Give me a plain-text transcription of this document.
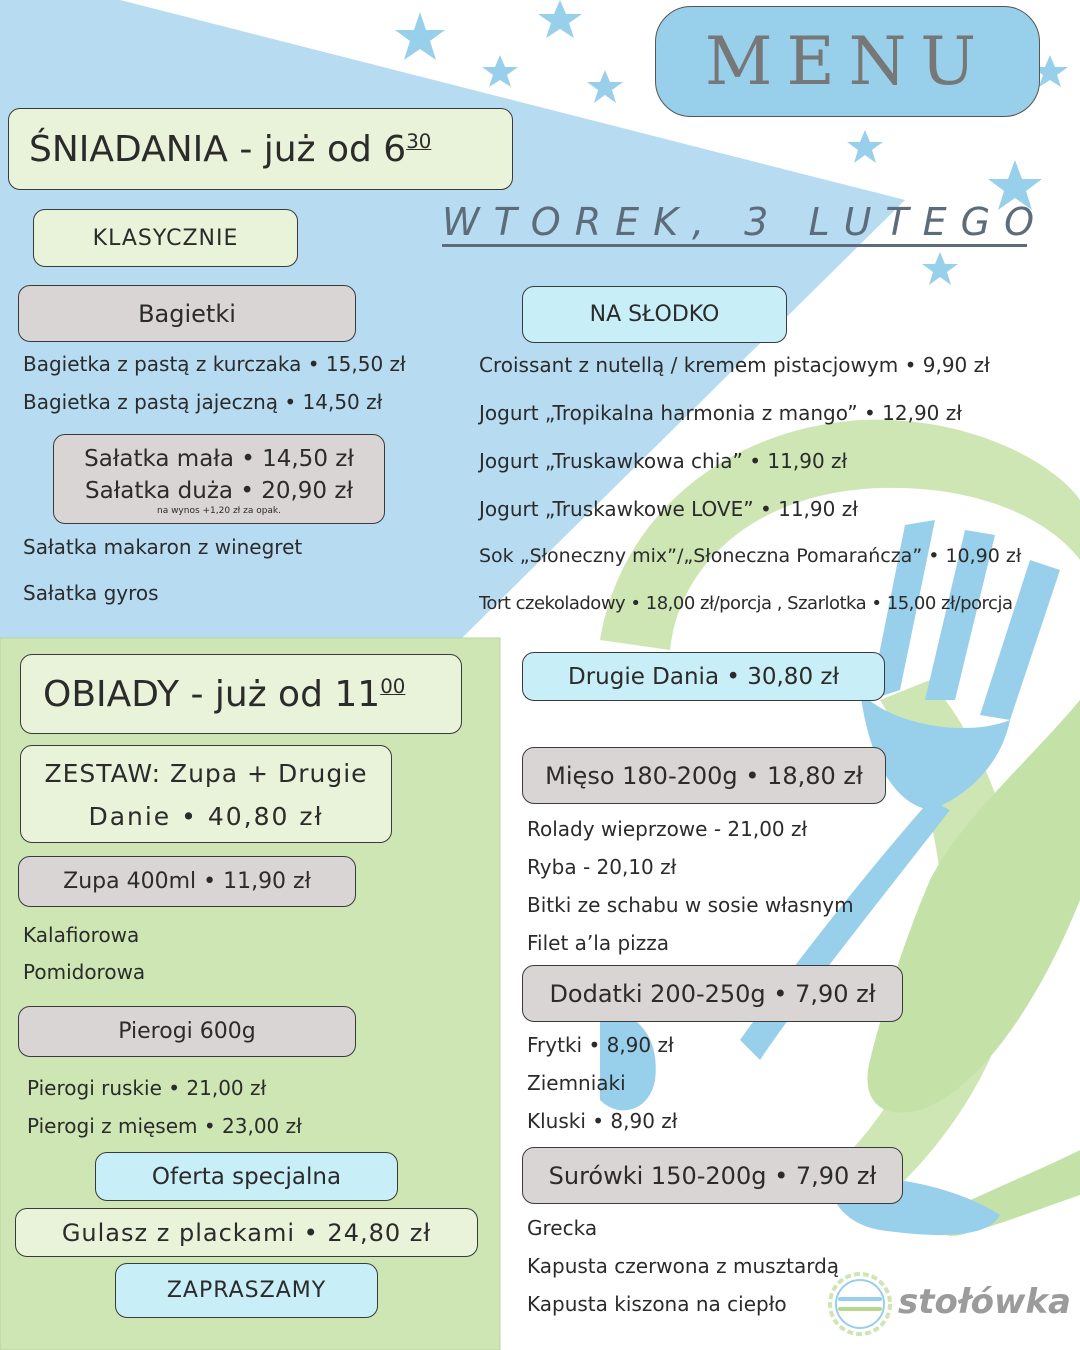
MENU
WTOREK, 3 LUTEGO
ŚNIADANIA - już od $6^{30}$
KLASYCZNIE
Bagietki
Bagietka z pastą z kurczaka • 15,50 zł
Bagietka z pastą jajeczną • 14,50 zł
Sałatka mała • 14,50 zł
Sałatka duża • 20,90 zł
na wynos +1,20 zł za opak.
Sałatka makaron z winegret
Sałatka gyros
NA SŁODKO
Croissant z nutellą / kremem pistacjowym • 9,90 zł
Jogurt „Tropikalna harmonia z mango” • 12,90 zł
Jogurt „Truskawkowa chia” • 11,90 zł
Jogurt „Truskawkowe LOVE” • 11,90 zł
Sok „Słoneczny mix”/„Słoneczna Pomarańcza” • 10,90 zł
Tort czekoladowy • 18,00 zł/porcja , Szarlotka • 15,00 zł/porcja
OBIADY - już od $11^{00}$
ZESTAW: Zupa + Drugie
Danie • 40,80 zł
Zupa 400ml • 11,90 zł
Kalafiorowa
Pomidorowa
Pierogi 600g
Pierogi ruskie • 21,00 zł
Pierogi z mięsem • 23,00 zł
Oferta specjalna
Gulasz z plackami • 24,80 zł
ZAPRASZAMY
Drugie Dania • 30,80 zł
Mięso 180-200g • 18,80 zł
Rolady wieprzowe - 21,00 zł
Ryba - 20,10 zł
Bitki ze schabu w sosie własnym
Filet a’la pizza
Dodatki 200-250g • 7,90 zł
Frytki • 8,90 zł
Ziemniaki
Kluski • 8,90 zł
Surówki 150-200g • 7,90 zł
Grecka
Kapusta czerwona z musztardą
Kapusta kiszona na ciepło	stołówka
